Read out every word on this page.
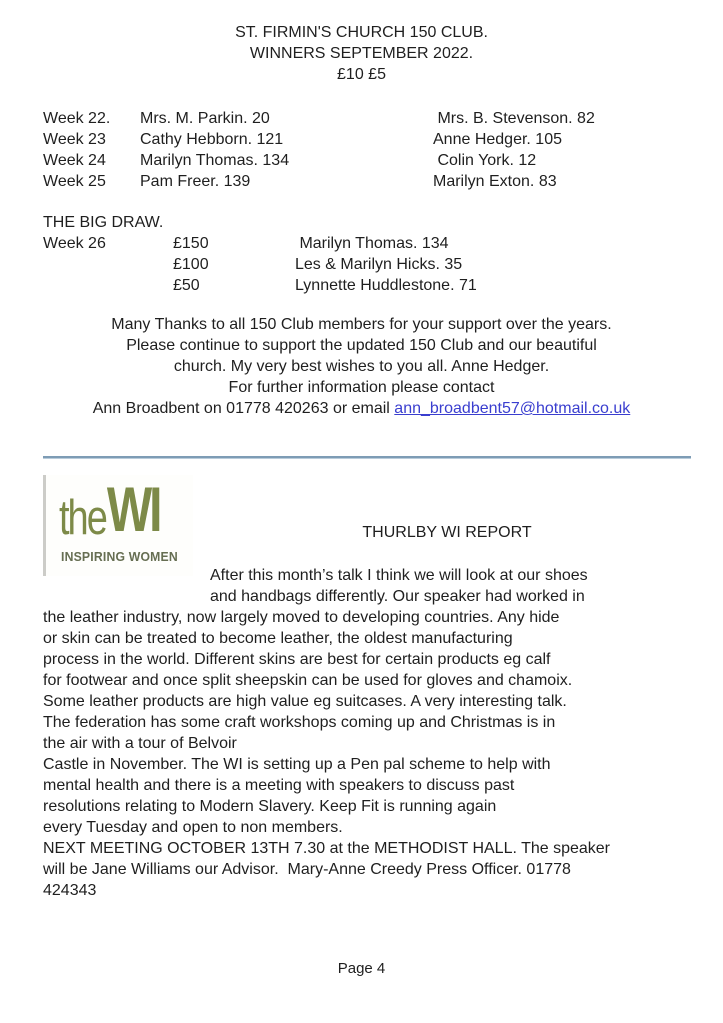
ST. FIRMIN'S CHURCH 150 CLUB.
WINNERS SEPTEMBER 2022.
£10 £5
Week 22. Mrs. M. Parkin. 20	Mrs. B. Stevenson. 82
Week 23 Cathy Hebborn. 121	Anne Hedger. 105
Week 24 Marilyn Thomas. 134	Colin York. 12
Week 25 Pam Freer. 139	Marilyn Exton. 83
THE BIG DRAW.
Week 26	£150	Marilyn Thomas. 134
£100	Les & Marilyn Hicks. 35
£50	Lynnette Huddlestone. 71
Many Thanks to all 150 Club members for your support over the years.
Please continue to support the updated 150 Club and our beautiful
church. My very best wishes to you all. Anne Hedger.
For further information please contact
Ann Broadbent on 01778 420263 or email ann_broadbent57@hotmail.co.uk
the WI
INSPIRING WOMEN
THURLBY WI REPORT
After this month’s talk I think we will look at our shoes
and handbags differently. Our speaker had worked in
the leather industry, now largely moved to developing countries. Any hide
or skin can be treated to become leather, the oldest manufacturing
process in the world. Different skins are best for certain products eg calf
for footwear and once split sheepskin can be used for gloves and chamoix.
Some leather products are high value eg suitcases. A very interesting talk.
The federation has some craft workshops coming up and Christmas is in
the air with a tour of Belvoir
Castle in November. The WI is setting up a Pen pal scheme to help with
mental health and there is a meeting with speakers to discuss past
resolutions relating to Modern Slavery. Keep Fit is running again
every Tuesday and open to non members.
NEXT MEETING OCTOBER 13TH 7.30 at the METHODIST HALL. The speaker
will be Jane Williams our Advisor.  Mary-Anne Creedy Press Officer. 01778
424343
Page 4
